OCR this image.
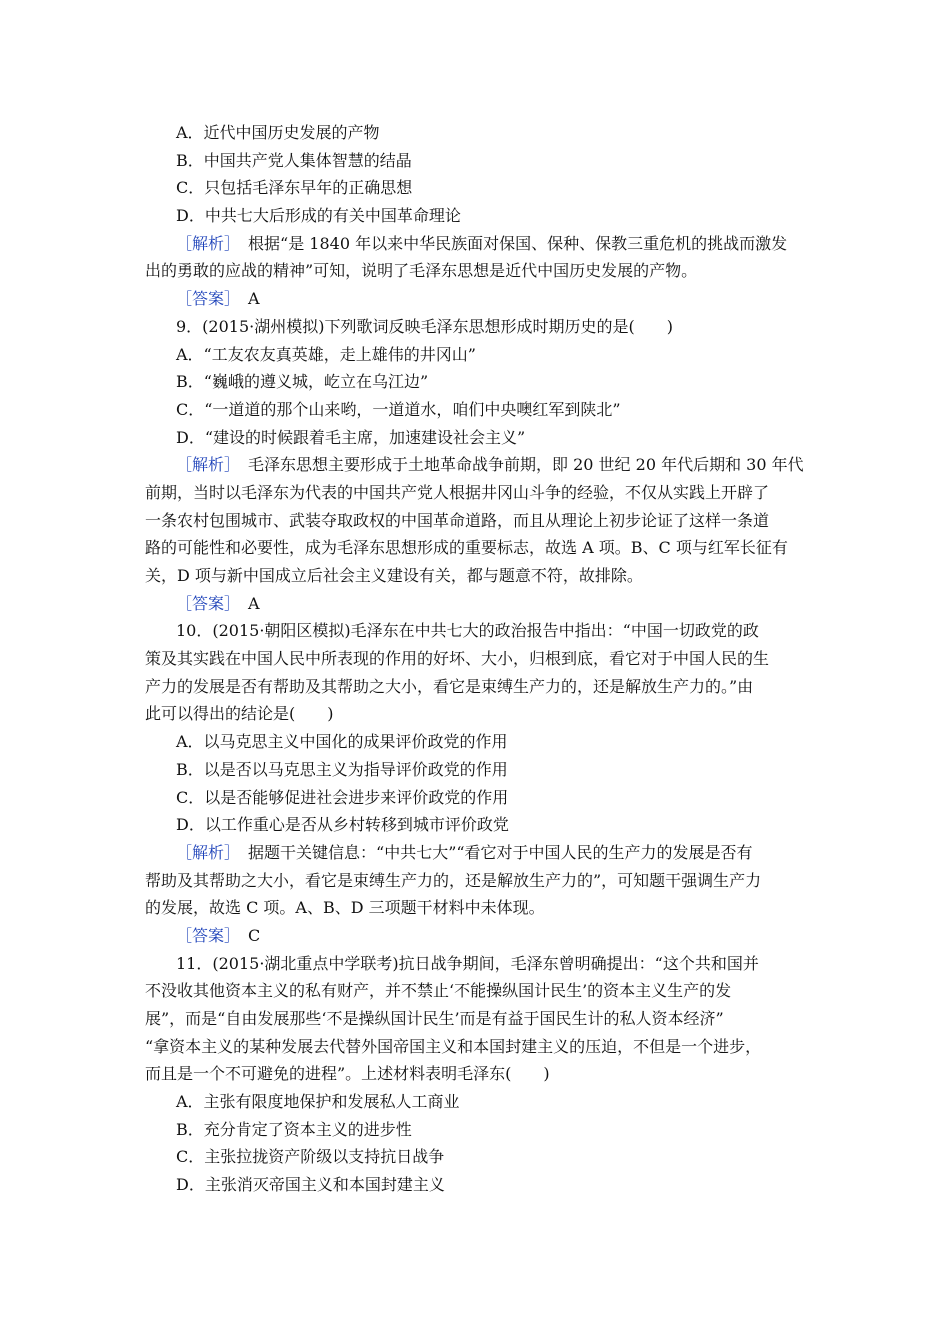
A．近代中国历史发展的产物
B．中国共产党人集体智慧的结晶
C．只包括毛泽东早年的正确思想
D．中共七大后形成的有关中国革命理论
［解析］ 根据“是 1840 年以来中华民族面对保国、保种、保教三重危机的挑战而激发
出的勇敢的应战的精神”可知，说明了毛泽东思想是近代中国历史发展的产物。
［答案］ A
9．(2015·湖州模拟)下列歌词反映毛泽东思想形成时期历史的是(　　)
A．“工友农友真英雄，走上雄伟的井冈山”
B．“巍峨的遵义城，屹立在乌江边”
C．“一道道的那个山来哟，一道道水，咱们中央噢红军到陕北”
D．“建设的时候跟着毛主席，加速建设社会主义”
［解析］ 毛泽东思想主要形成于土地革命战争前期，即 20 世纪 20 年代后期和 30 年代
前期，当时以毛泽东为代表的中国共产党人根据井冈山斗争的经验，不仅从实践上开辟了
一条农村包围城市、武装夺取政权的中国革命道路，而且从理论上初步论证了这样一条道
路的可能性和必要性，成为毛泽东思想形成的重要标志，故选 A 项。B、C 项与红军长征有
关，D 项与新中国成立后社会主义建设有关，都与题意不符，故排除。
［答案］ A
10．(2015·朝阳区模拟)毛泽东在中共七大的政治报告中指出：“中国一切政党的政
策及其实践在中国人民中所表现的作用的好坏、大小，归根到底，看它对于中国人民的生
产力的发展是否有帮助及其帮助之大小，看它是束缚生产力的，还是解放生产力的。”由
此可以得出的结论是(　　)
A．以马克思主义中国化的成果评价政党的作用
B．以是否以马克思主义为指导评价政党的作用
C．以是否能够促进社会进步来评价政党的作用
D．以工作重心是否从乡村转移到城市评价政党
［解析］ 据题干关键信息：“中共七大”“看它对于中国人民的生产力的发展是否有
帮助及其帮助之大小，看它是束缚生产力的，还是解放生产力的”，可知题干强调生产力
的发展，故选 C 项。A、B、D 三项题干材料中未体现。
［答案］ C
11．(2015·湖北重点中学联考)抗日战争期间，毛泽东曾明确提出：“这个共和国并
不没收其他资本主义的私有财产，并不禁止‘不能操纵国计民生’的资本主义生产的发
展”，而是“自由发展那些‘不是操纵国计民生’而是有益于国民生计的私人资本经济”
“拿资本主义的某种发展去代替外国帝国主义和本国封建主义的压迫，不但是一个进步，
而且是一个不可避免的进程”。上述材料表明毛泽东(　　)
A．主张有限度地保护和发展私人工商业
B．充分肯定了资本主义的进步性
C．主张拉拢资产阶级以支持抗日战争
D．主张消灭帝国主义和本国封建主义
